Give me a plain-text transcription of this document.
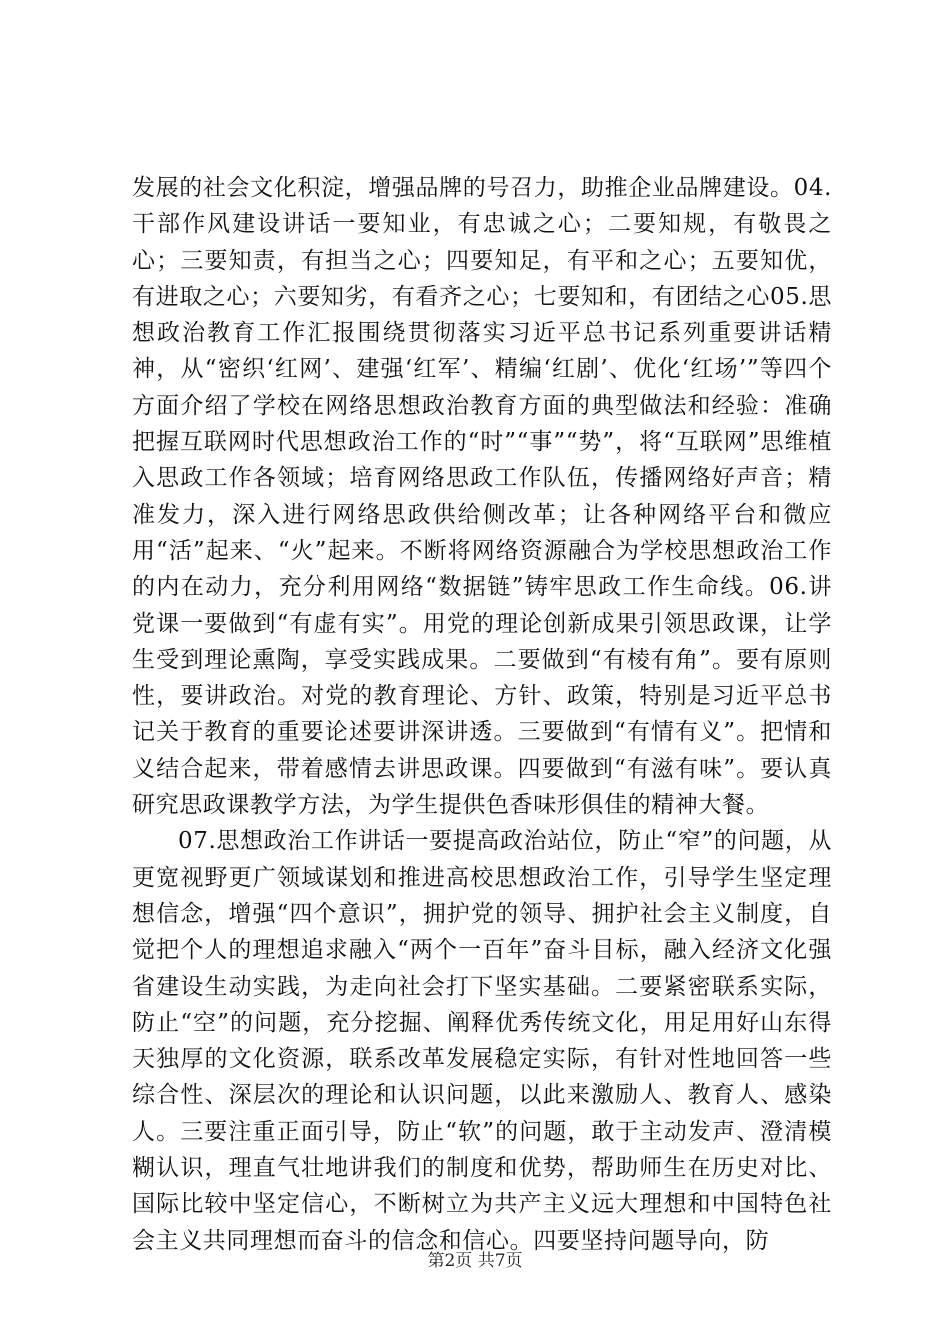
发展的社会文化积淀，增强品牌的号召力，助推企业品牌建设。04.干部作风建设讲话一要知业，有忠诚之心；二要知规，有敬畏之心；三要知责，有担当之心；四要知足，有平和之心；五要知优，有进取之心；六要知劣，有看齐之心；七要知和，有团结之心05.思想政治教育工作汇报围绕贯彻落实习近平总书记系列重要讲话精神，从“密织‘红网’、建强‘红军’、精编‘红剧’、优化‘红场’”等四个方面介绍了学校在网络思想政治教育方面的典型做法和经验：准确把握互联网时代思想政治工作的“时”“事”“势”，将“互联网”思维植入思政工作各领域；培育网络思政工作队伍，传播网络好声音；精准发力，深入进行网络思政供给侧改革；让各种网络平台和微应用“活”起来、“火”起来。不断将网络资源融合为学校思想政治工作的内在动力，充分利用网络“数据链”铸牢思政工作生命线。06.讲党课一要做到“有虚有实”。用党的理论创新成果引领思政课，让学生受到理论熏陶，享受实践成果。二要做到“有棱有角”。要有原则性，要讲政治。对党的教育理论、方针、政策，特别是习近平总书记关于教育的重要论述要讲深讲透。三要做到“有情有义”。把情和义结合起来，带着感情去讲思政课。四要做到“有滋有味”。要认真研究思政课教学方法，为学生提供色香味形俱佳的精神大餐。

07.思想政治工作讲话一要提高政治站位，防止“窄”的问题，从更宽视野更广领域谋划和推进高校思想政治工作，引导学生坚定理想信念，增强“四个意识”，拥护党的领导、拥护社会主义制度，自觉把个人的理想追求融入“两个一百年”奋斗目标，融入经济文化强省建设生动实践，为走向社会打下坚实基础。二要紧密联系实际，防止“空”的问题，充分挖掘、阐释优秀传统文化，用足用好山东得天独厚的文化资源，联系改革发展稳定实际，有针对性地回答一些综合性、深层次的理论和认识问题，以此来激励人、教育人、感染人。三要注重正面引导，防止“软”的问题，敢于主动发声、澄清模糊认识，理直气壮地讲我们的制度和优势，帮助师生在历史对比、国际比较中坚定信心，不断树立为共产主义远大理想和中国特色社会主义共同理想而奋斗的信念和信心。四要坚持问题导向，防

第2页 共7页
